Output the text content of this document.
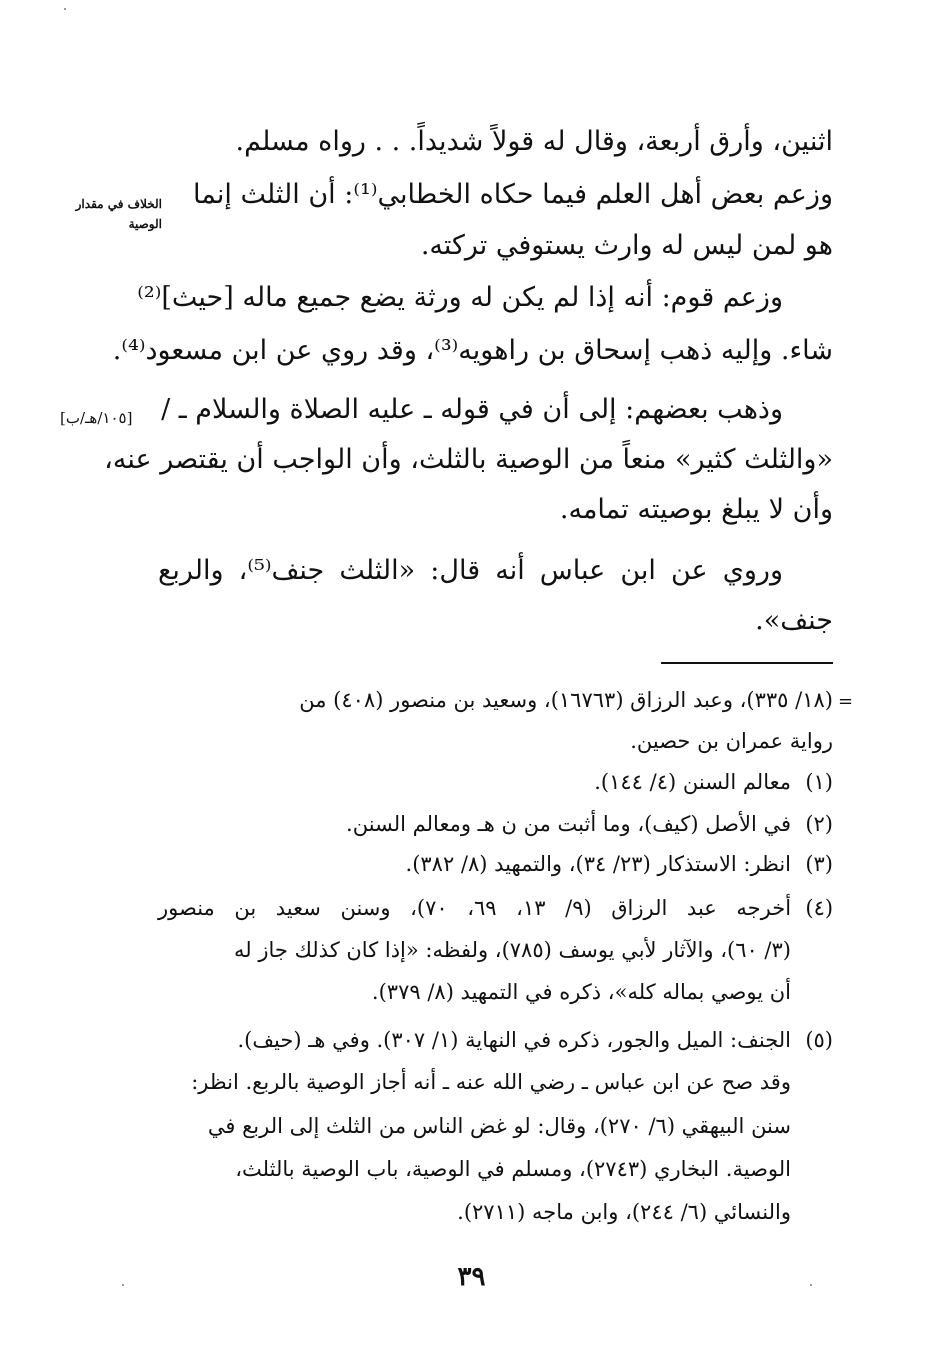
اثنين، وأرق أربعة، وقال له قولاً شديداً. . . رواه مسلم.
وزعم بعض أهل العلم فيما حكاه الخطابي⁽¹⁾: أن الثلث إنما
الخلاف في مقدار الوصية
هو لمن ليس له وارث يستوفي تركته.
وزعم قوم: أنه إذا لم يكن له ورثة يضع جميع ماله [حيث]⁽²⁾
شاء. وإليه ذهب إسحاق بن راهويه⁽³⁾، وقد روي عن ابن مسعود⁽⁴⁾.
وذهب بعضهم: إلى أن في قوله ـ عليه الصلاة والسلام ـ /
[١٠٥/هـ/ب]
«والثلث كثير» منعاً من الوصية بالثلث، وأن الواجب أن يقتصر عنه،
وأن لا يبلغ بوصيته تمامه.
وروي عن ابن عباس أنه قال: «الثلث جنف⁽⁵⁾، والربع
جنف».
=
(١٨/ ٣٣٥)، وعبد الرزاق (١٦٧٦٣)، وسعيد بن منصور (٤٠٨) من
رواية عمران بن حصين.
(١)معالم السنن (٤/ ١٤٤).
(٢)في الأصل (كيف)، وما أثبت من ن هـ ومعالم السنن.
(٣)انظر: الاستذكار (٢٣/ ٣٤)، والتمهيد (٨/ ٣٨٢).
(٤)أخرجه عبد الرزاق (٩/ ١٣، ٦٩، ٧٠)، وسنن سعيد بن منصور
(٣/ ٦٠)، والآثار لأبي يوسف (٧٨٥)، ولفظه: «إذا كان كذلك جاز له
أن يوصي بماله كله»، ذكره في التمهيد (٨/ ٣٧٩).
(٥)الجنف: الميل والجور، ذكره في النهاية (١/ ٣٠٧). وفي هـ (حيف).
وقد صح عن ابن عباس ـ رضي الله عنه ـ أنه أجاز الوصية بالربع. انظر:
سنن البيهقي (٦/ ٢٧٠)، وقال: لو غض الناس من الثلث إلى الربع في
الوصية. البخاري (٢٧٤٣)، ومسلم في الوصية، باب الوصية بالثلث،
والنسائي (٦/ ٢٤٤)، وابن ماجه (٢٧١١).
٣٩
